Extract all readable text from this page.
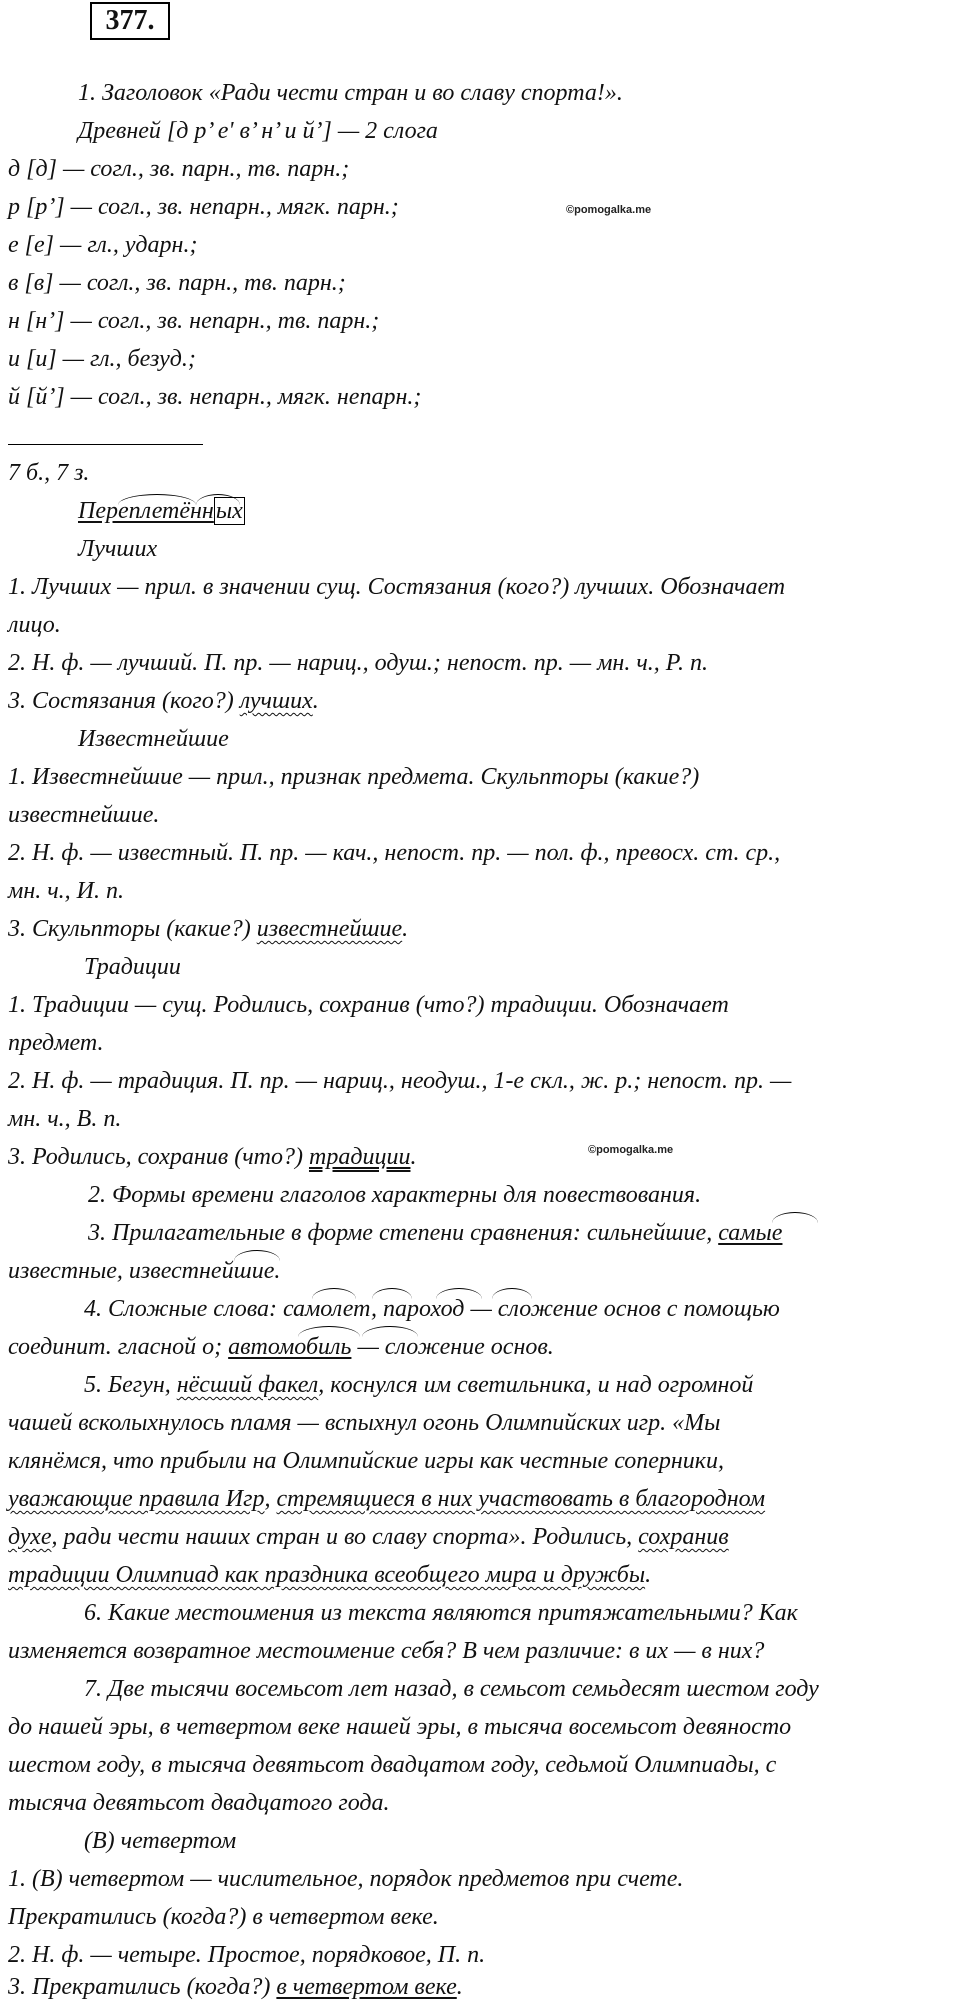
377.
1. Заголовок «Ради чести стран и во славу спорта!».
Древней [д р’ е' в’ н’ и й’] — 2 слога
д [д] — согл., зв. парн., тв. парн.;
р [р’] — согл., зв. непарн., мягк. парн.;	©pomogalka.me
е [е] — гл., ударн.;
в [в] — согл., зв. парн., тв. парн.;
н [н’] — согл., зв. непарн., тв. парн.;
и [и] — гл., безуд.;
й [й’] — согл., зв. непарн., мягк. непарн.;
7 б., 7 з.
Переплетённых
Лучших
1. Лучших — прил. в значении сущ. Состязания (кого?) лучших. Обозначает
лицо.
2. Н. ф. — лучший. П. пр. — нариц., одуш.; непост. пр. — мн. ч., Р. п.
3. Состязания (кого?) лучших.
Известнейшие
1. Известнейшие — прил., признак предмета. Скульпторы (какие?)
известнейшие.
2. Н. ф. — известный. П. пр. — кач., непост. пр. — пол. ф., превосх. ст. ср.,
мн. ч., И. п.
3. Скульпторы (какие?) известнейшие.
Традиции
1. Традиции — сущ. Родились, сохранив (что?) традиции. Обозначает
предмет.
2. Н. ф. — традиция. П. пр. — нариц., неодуш., 1-е скл., ж. р.; непост. пр. —
мн. ч., В. п.
3. Родились, сохранив (что?) традиции.	©pomogalka.me
2. Формы времени глаголов характерны для повествования.
3. Прилагательные в форме степени сравнения: сильнейшие, самые
известные, известнейшие.
4. Сложные слова: самолет, пароход — сложение основ с помощью
соединит. гласной о; автомобиль — сложение основ.
5. Бегун, нёсший факел, коснулся им светильника, и над огромной
чашей всколыхнулось пламя — вспыхнул огонь Олимпийских игр. «Мы
клянёмся, что прибыли на Олимпийские игры как честные соперники,
уважающие правила Игр, стремящиеся в них участвовать в благородном
духе, ради чести наших стран и во славу спорта». Родились, сохранив
традиции Олимпиад как праздника всеобщего мира и дружбы.
6. Какие местоимения из текста являются притяжательными? Как
изменяется возвратное местоимение себя? В чем различие: в их — в них?
7. Две тысячи восемьсот лет назад, в семьсот семьдесят шестом году
до нашей эры, в четвертом веке нашей эры, в тысяча восемьсот девяносто
шестом году, в тысяча девятьсот двадцатом году, седьмой Олимпиады, с
тысяча девятьсот двадцатого года.
(В) четвертом
1. (В) четвертом — числительное, порядок предметов при счете.
Прекратились (когда?) в четвертом веке.
2. Н. ф. — четыре. Простое, порядковое, П. п.
3. Прекратились (когда?) в четвертом веке.
